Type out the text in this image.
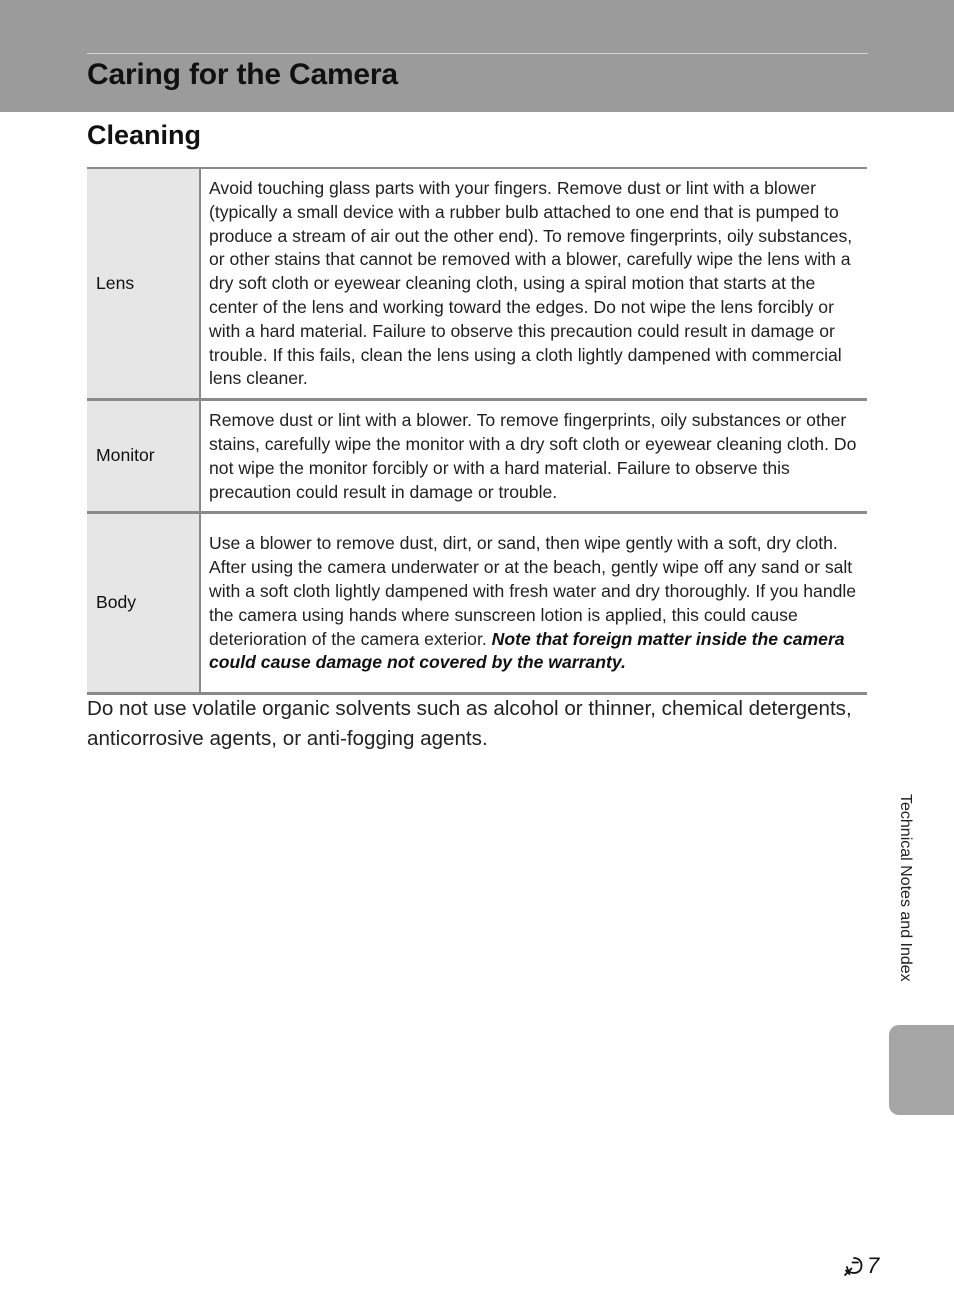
Caring for the Camera
Cleaning
Lens	Avoid touching glass parts with your fingers. Remove dust or lint with a blower (typically a small device with a rubber bulb attached to one end that is pumped to produce a stream of air out the other end). To remove fingerprints, oily substances, or other stains that cannot be removed with a blower, carefully wipe the lens with a dry soft cloth or eyewear cleaning cloth, using a spiral motion that starts at the center of the lens and working toward the edges. Do not wipe the lens forcibly or with a hard material. Failure to observe this precaution could result in damage or trouble. If this fails, clean the lens using a cloth lightly dampened with commercial lens cleaner.
Monitor	Remove dust or lint with a blower. To remove fingerprints, oily substances or other stains, carefully wipe the monitor with a dry soft cloth or eyewear cleaning cloth. Do not wipe the monitor forcibly or with a hard material. Failure to observe this precaution could result in damage or trouble.
Body	Use a blower to remove dust, dirt, or sand, then wipe gently with a soft, dry cloth. After using the camera underwater or at the beach, gently wipe off any sand or salt with a soft cloth lightly dampened with fresh water and dry thoroughly. If you handle the camera using hands where sunscreen lotion is applied, this could cause deterioration of the camera exterior. Note that foreign matter inside the camera could cause damage not covered by the warranty.

Do not use volatile organic solvents such as alcohol or thinner, chemical detergents, anticorrosive agents, or anti-fogging agents.

Technical Notes and Index
7
